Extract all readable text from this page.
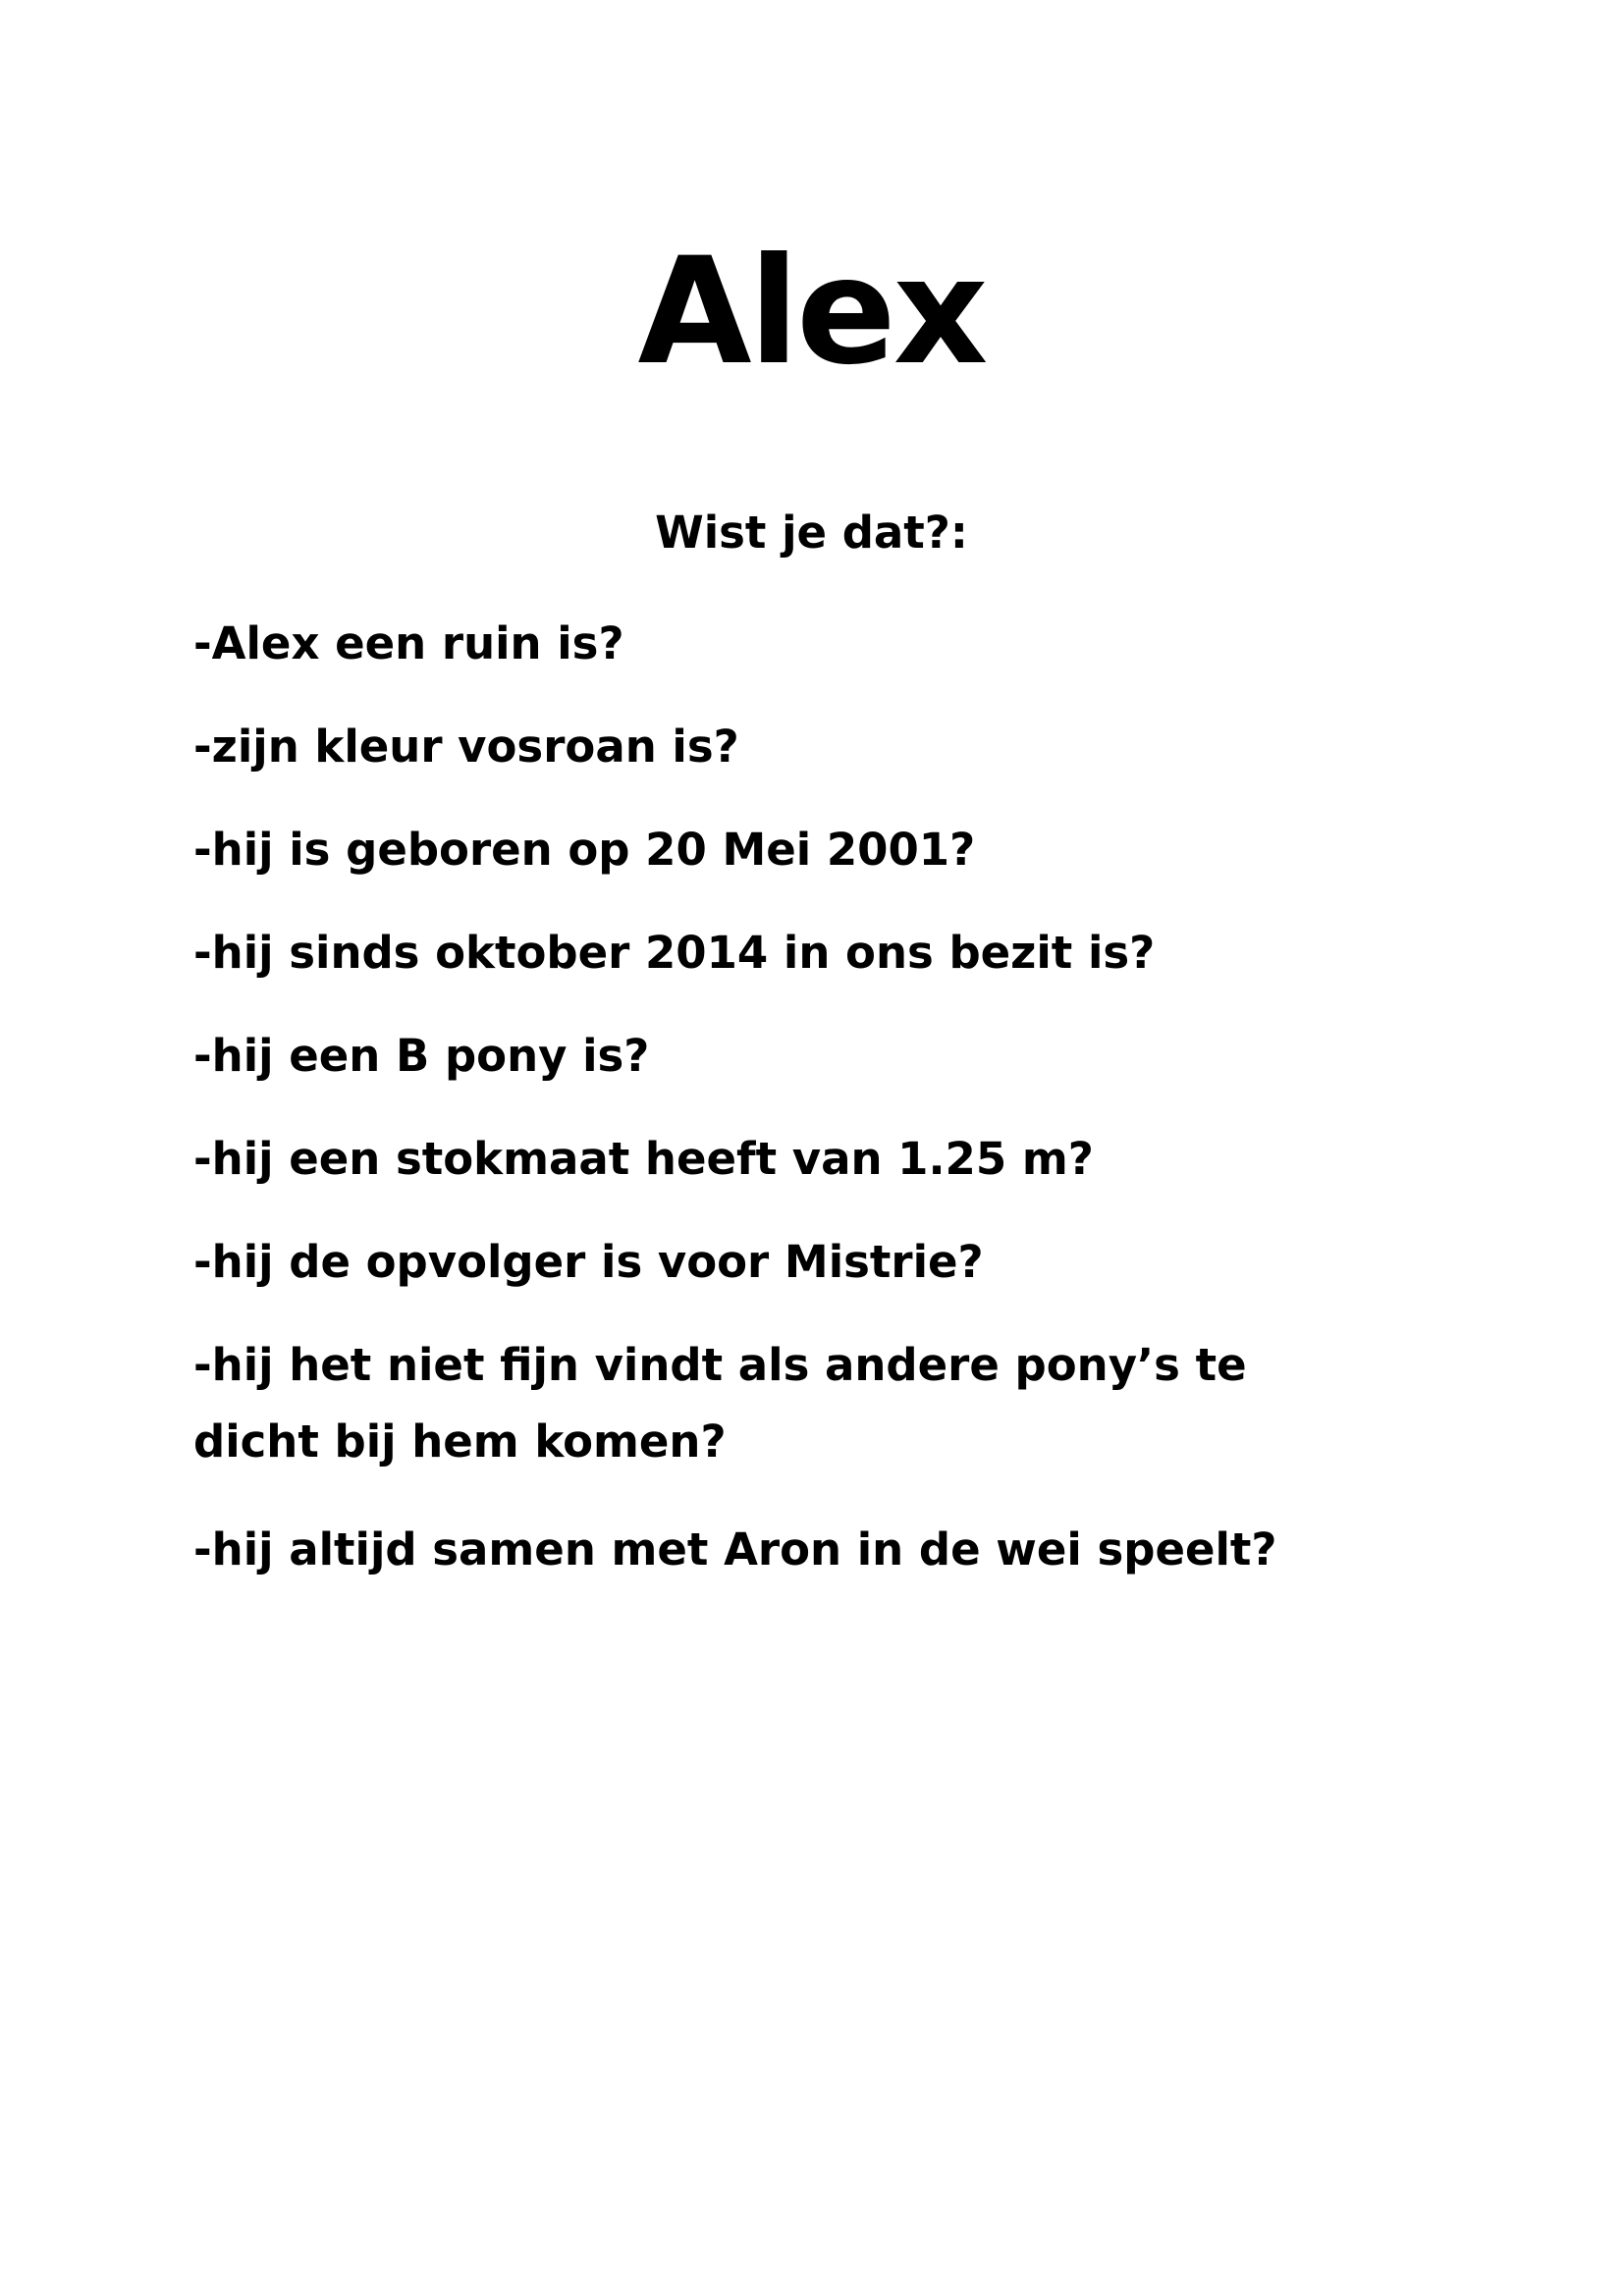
Alex
Wist je dat?:
-Alex een ruin is?
-zijn kleur vosroan is?
-hij is geboren op 20 Mei 2001?
-hij sinds oktober 2014 in ons bezit is?
-hij een B pony is?
-hij een stokmaat heeft van 1.25 m?
-hij de opvolger is voor Mistrie?
-hij het niet fijn vindt als andere pony’s te dicht bij hem komen?
-hij altijd samen met Aron in de wei speelt?
